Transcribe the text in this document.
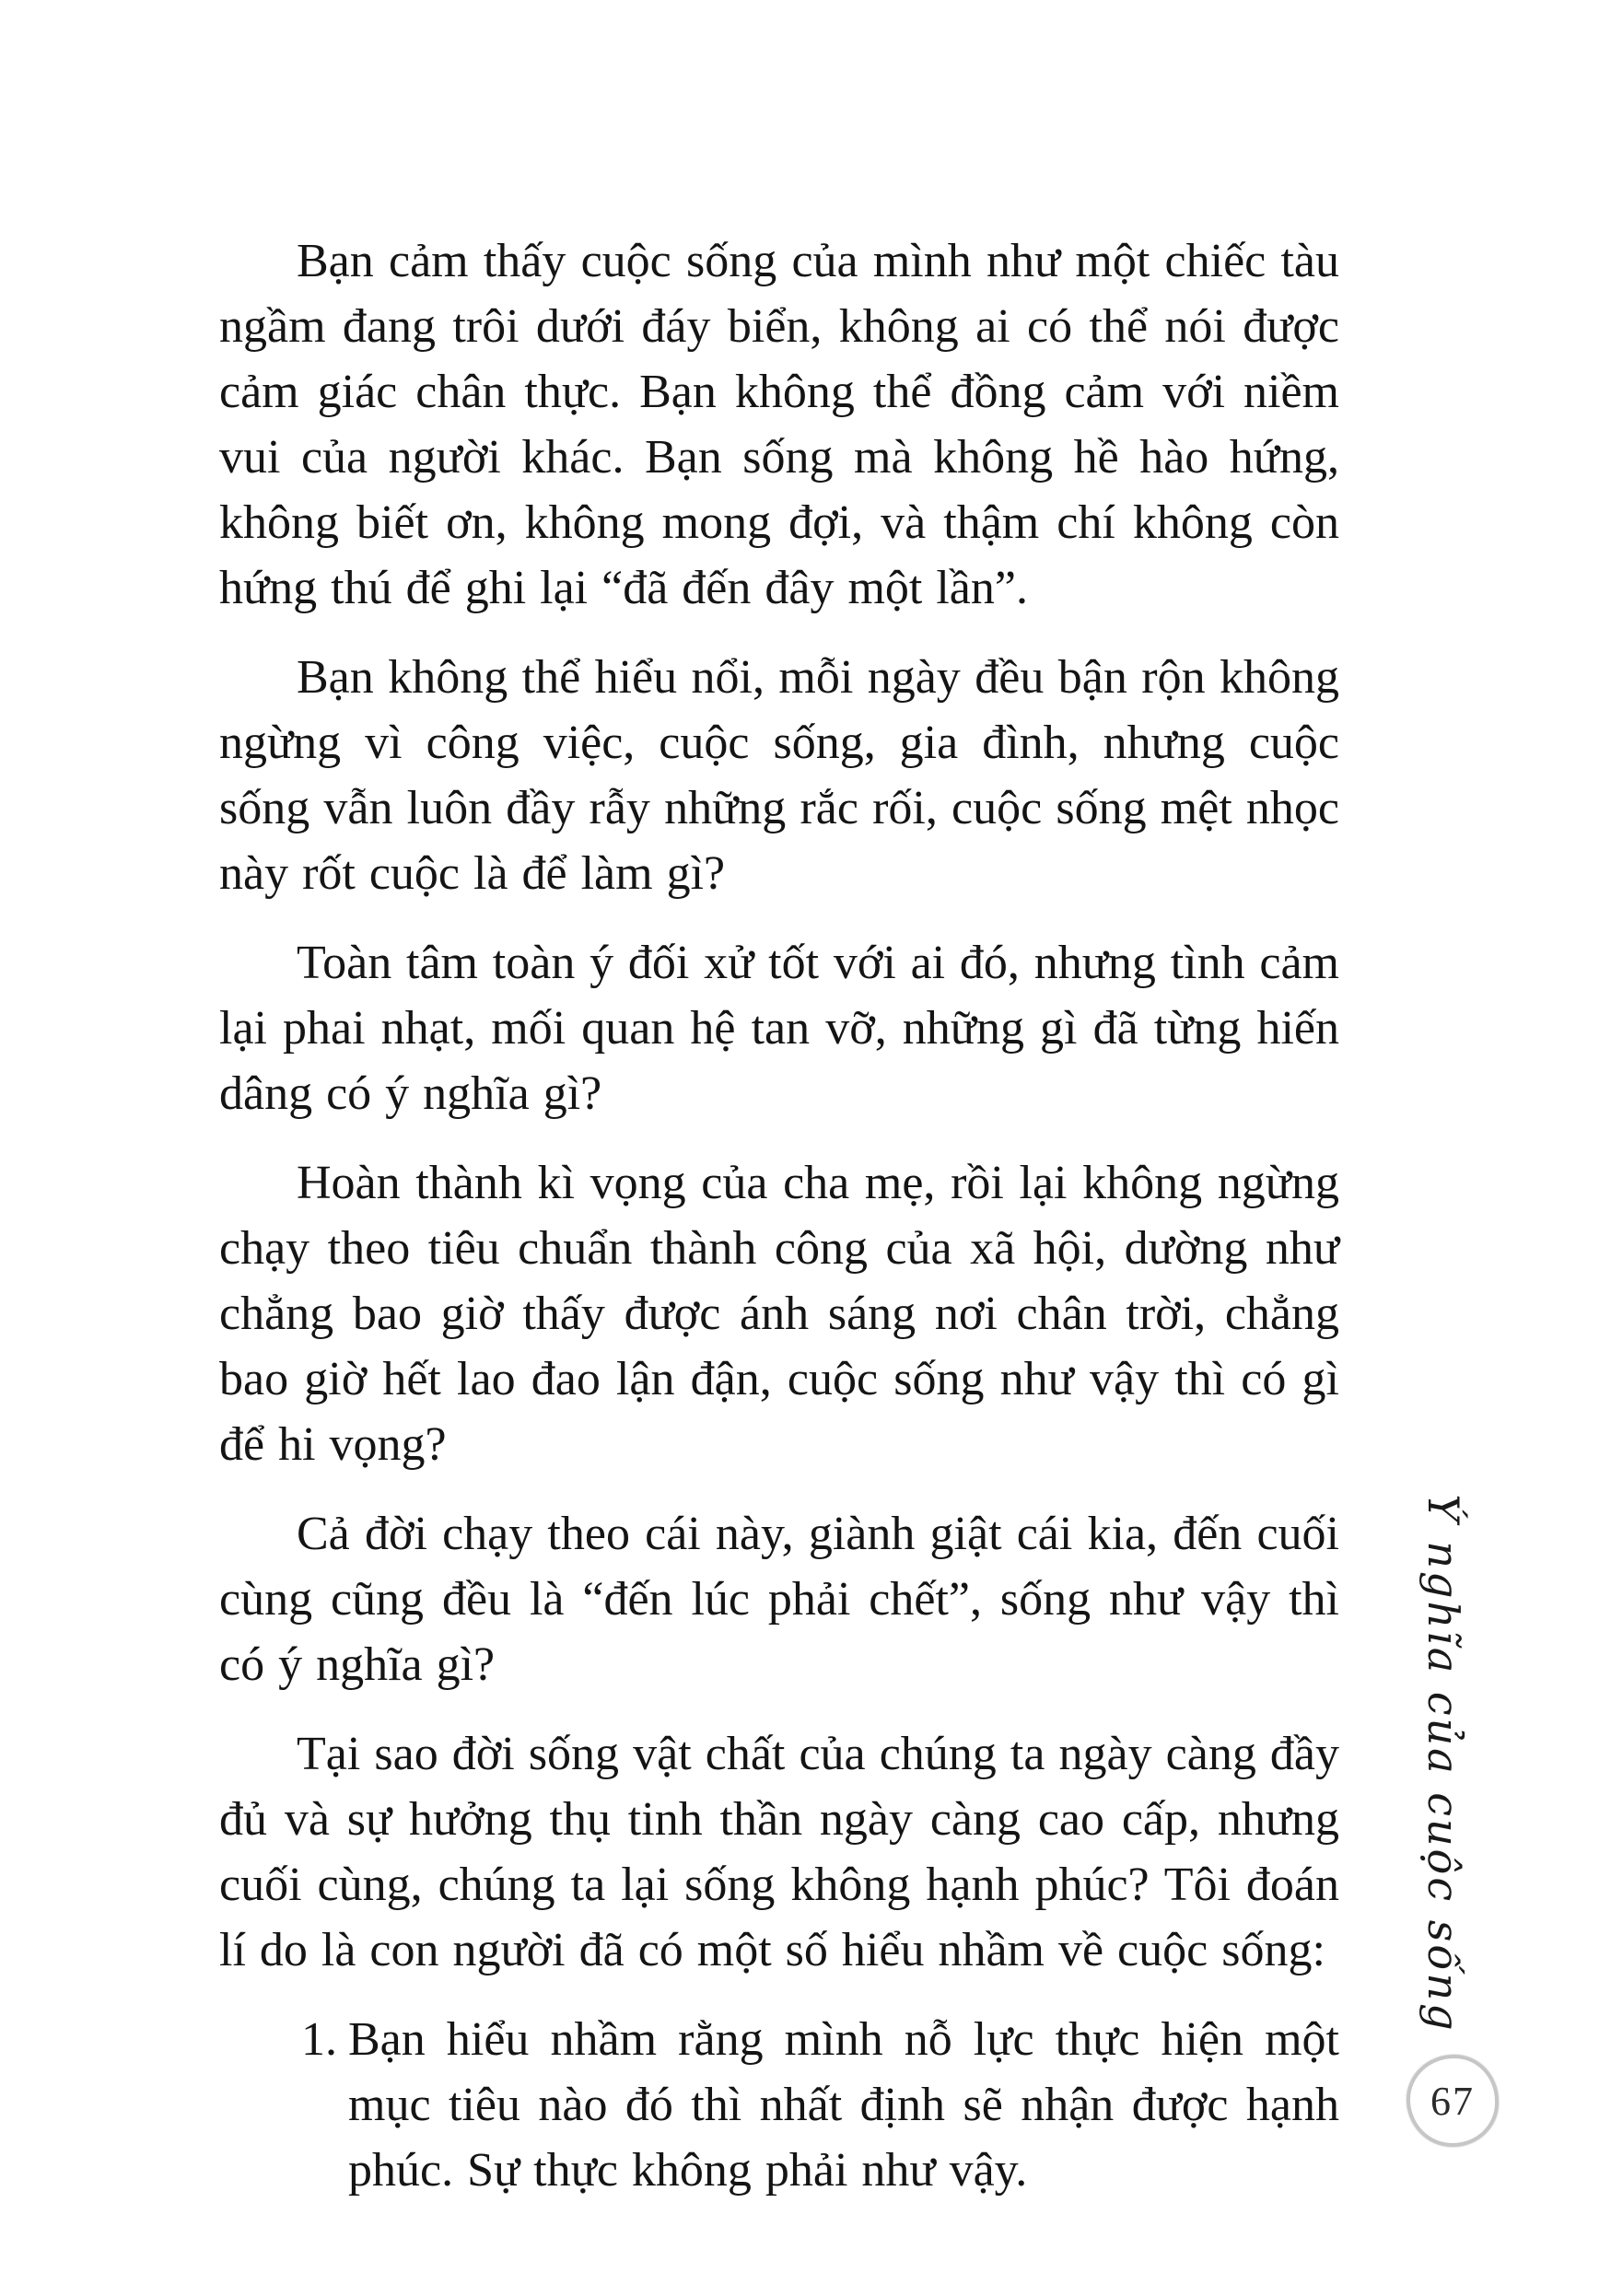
Bạn cảm thấy cuộc sống của mình như một chiếc tàu ngầm đang trôi dưới đáy biển, không ai có thể nói được cảm giác chân thực. Bạn không thể đồng cảm với niềm vui của người khác. Bạn sống mà không hề hào hứng, không biết ơn, không mong đợi, và thậm chí không còn hứng thú để ghi lại “đã đến đây một lần”.

Bạn không thể hiểu nổi, mỗi ngày đều bận rộn không ngừng vì công việc, cuộc sống, gia đình, nhưng cuộc sống vẫn luôn đầy rẫy những rắc rối, cuộc sống mệt nhọc này rốt cuộc là để làm gì?

Toàn tâm toàn ý đối xử tốt với ai đó, nhưng tình cảm lại phai nhạt, mối quan hệ tan vỡ, những gì đã từng hiến dâng có ý nghĩa gì?

Hoàn thành kì vọng của cha mẹ, rồi lại không ngừng chạy theo tiêu chuẩn thành công của xã hội, dường như chẳng bao giờ thấy được ánh sáng nơi chân trời, chẳng bao giờ hết lao đao lận đận, cuộc sống như vậy thì có gì để hi vọng?

Cả đời chạy theo cái này, giành giật cái kia, đến cuối cùng cũng đều là “đến lúc phải chết”, sống như vậy thì có ý nghĩa gì?

Tại sao đời sống vật chất của chúng ta ngày càng đầy đủ và sự hưởng thụ tinh thần ngày càng cao cấp, nhưng cuối cùng, chúng ta lại sống không hạnh phúc? Tôi đoán lí do là con người đã có một số hiểu nhầm về cuộc sống:

1. Bạn hiểu nhầm rằng mình nỗ lực thực hiện một mục tiêu nào đó thì nhất định sẽ nhận được hạnh phúc. Sự thực không phải như vậy.
Ý nghĩa của cuộc sống
67
